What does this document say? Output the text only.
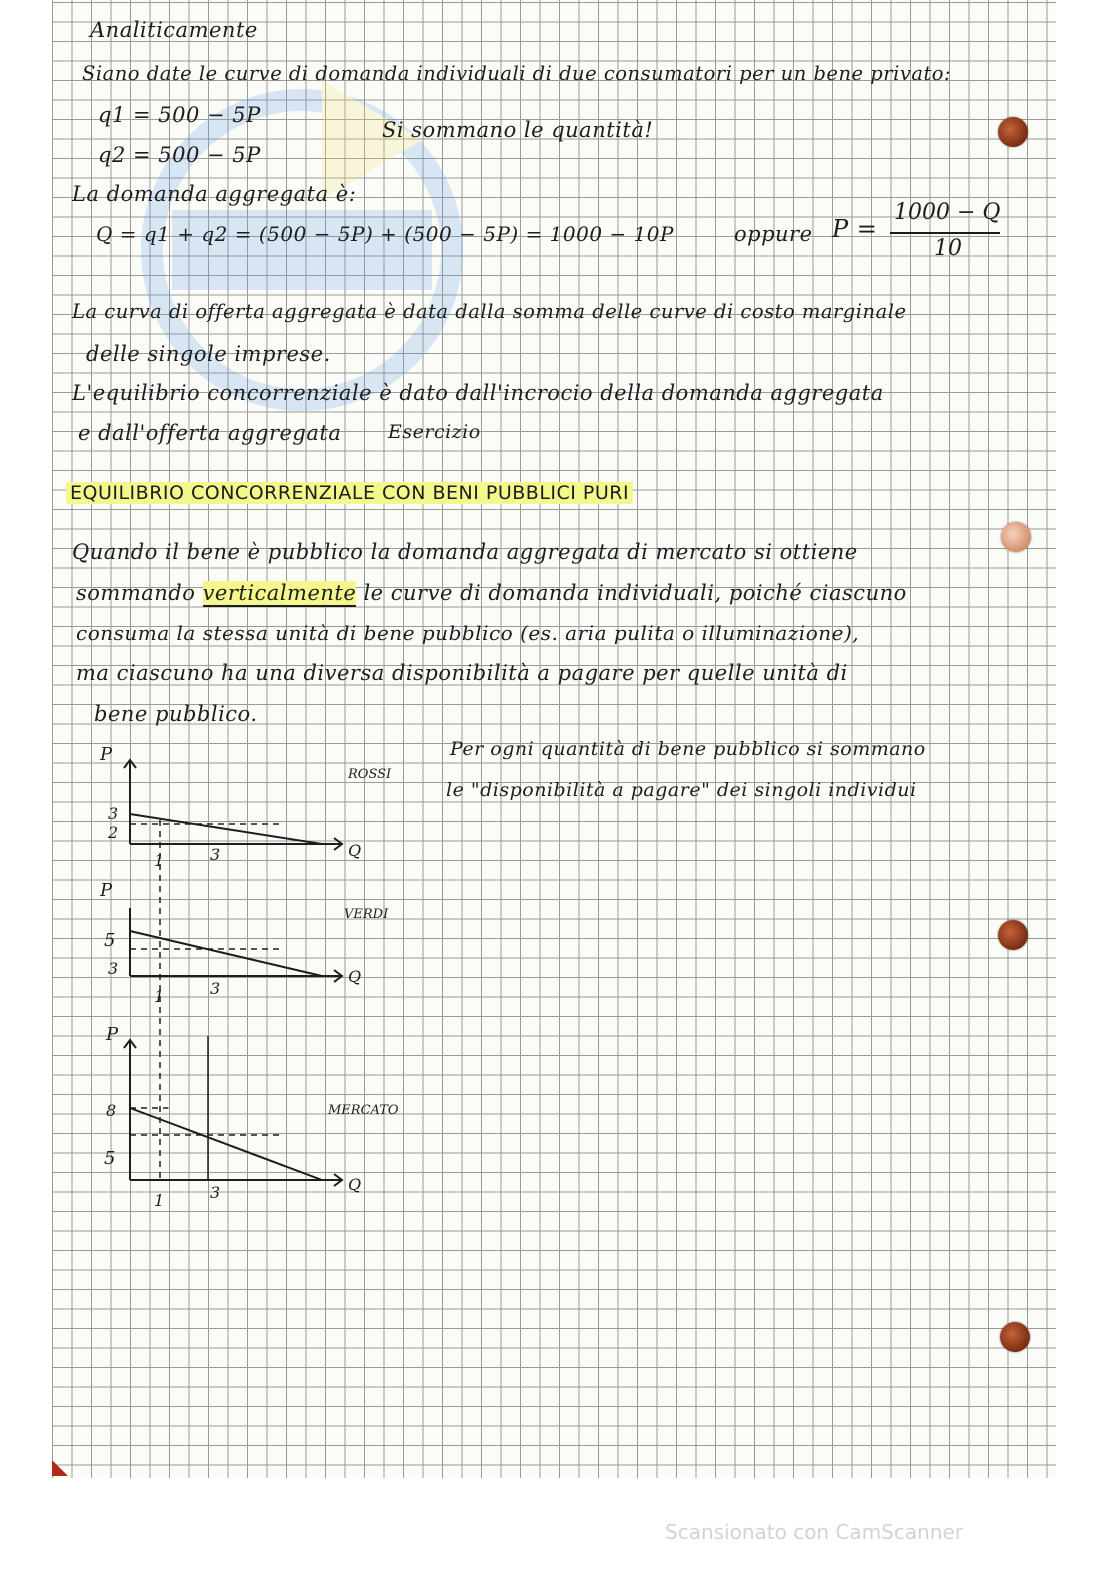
Analiticamente
Siano date le curve di domanda individuali di due consumatori per un bene privato:
q1 = 500 − 5P
q2 = 500 − 5P
Si sommano le quantità!
La domanda aggregata è:
Q = q1 + q2 = (500 − 5P) + (500 − 5P) = 1000 − 10P	oppure P =
1000 − Q
10
La curva di offerta aggregata è data dalla somma delle curve di costo marginale
delle singole imprese.
L'equilibrio concorrenziale è dato dall'incrocio della domanda aggregata
e dall'offerta aggregata Esercizio
EQUILIBRIO CONCORRENZIALE CON BENI PUBBLICI PURI
Quando il bene è pubblico la domanda aggregata di mercato si ottiene
sommando verticalmente le curve di domanda individuali, poiché ciascuno
consuma la stessa unità di bene pubblico (es. aria pulita o illuminazione),
ma ciascuno ha una diversa disponibilità a pagare per quelle unità di
bene pubblico.
Per ogni quantità di bene pubblico si sommano
le "disponibilità a pagare" dei singoli individui
P
Q
ROSSI
3
2
1	3
P
Q
VERDI
5
3
1	3
P
Q
MERCATO
8
5
1	3
Scansionato con CamScanner
